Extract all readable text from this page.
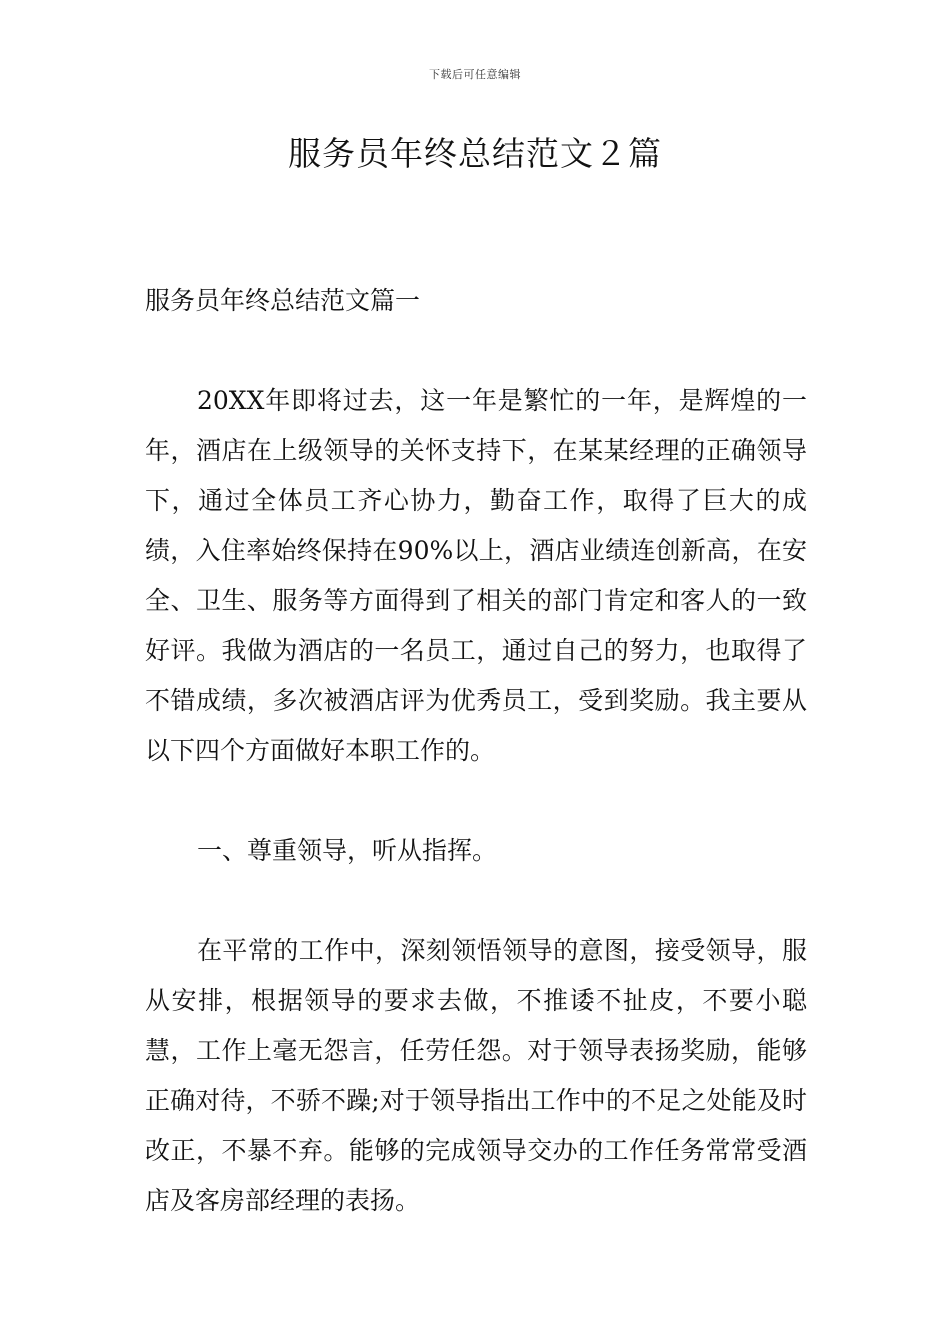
下载后可任意编辑
服务员年终总结范文２篇

服务员年终总结范文篇一

20XX年即将过去，这一年是繁忙的一年，是辉煌的一年，酒店在上级领导的关怀支持下，在某某经理的正确领导下，通过全体员工齐心协力，勤奋工作，取得了巨大的成绩，入住率始终保持在90%以上，酒店业绩连创新高，在安全、卫生、服务等方面得到了相关的部门肯定和客人的一致好评。我做为酒店的一名员工，通过自己的努力，也取得了不错成绩，多次被酒店评为优秀员工，受到奖励。我主要从以下四个方面做好本职工作的。

一、尊重领导，听从指挥。

在平常的工作中，深刻领悟领导的意图，接受领导，服从安排，根据领导的要求去做，不推诿不扯皮，不要小聪慧，工作上毫无怨言，任劳任怨。对于领导表扬奖励，能够正确对待，不骄不躁;对于领导指出工作中的不足之处能及时改正，不暴不弃。能够的完成领导交办的工作任务常常受酒店及客房部经理的表扬。
